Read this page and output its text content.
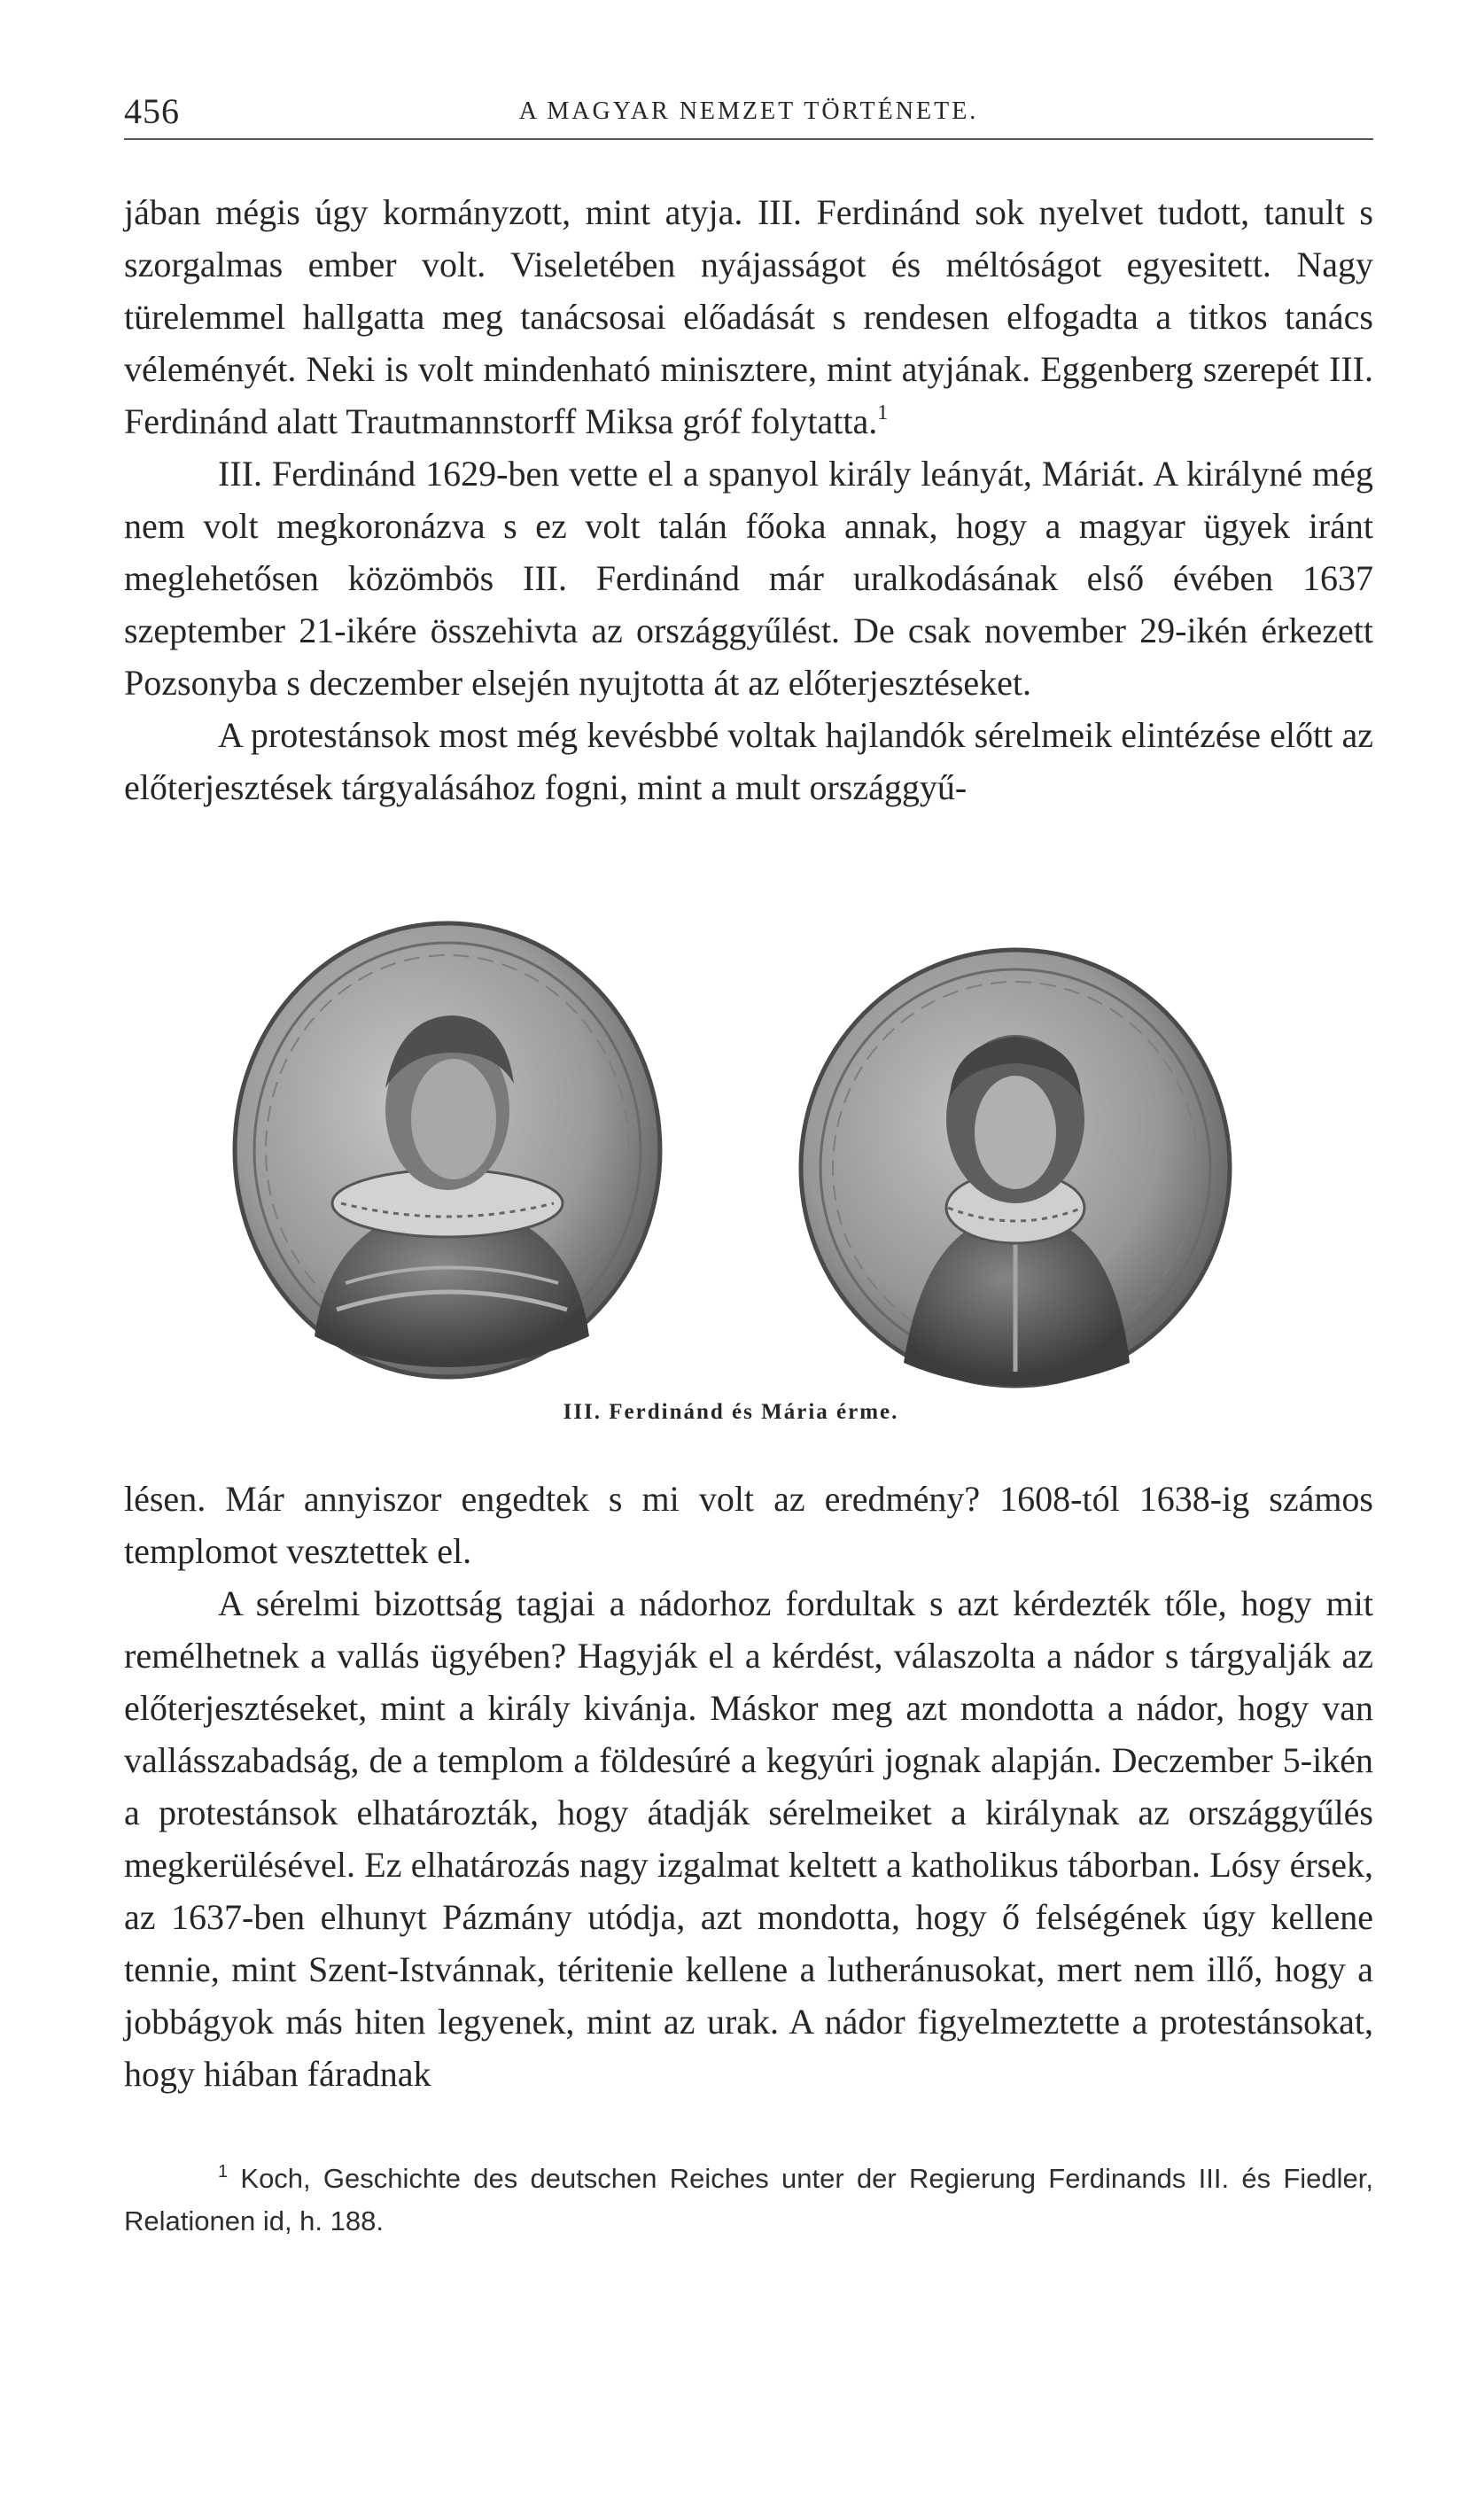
456	A MAGYAR NEMZET TÖRTÉNETE.

jában mégis úgy kormányzott, mint atyja. III. Ferdinánd sok nyelvet tudott, tanult s szorgalmas ember volt. Viseletében nyájasságot és méltóságot egyesitett. Nagy türelemmel hallgatta meg tanácsosai előadását s rendesen elfogadta a titkos tanács véleményét. Neki is volt mindenható minisztere, mint atyjának. Eggenberg szerepét III. Ferdinánd alatt Trautmannstorff Miksa gróf folytatta.$^1$

III. Ferdinánd 1629-ben vette el a spanyol király leányát, Máriát. A királyné még nem volt megkoronázva s ez volt talán főoka annak, hogy a magyar ügyek iránt meglehetősen közömbös III. Ferdinánd már uralkodásának első évében 1637 szeptember 21-ikére összehivta az országgyűlést. De csak november 29-ikén érkezett Pozsonyba s deczember elsején nyujtotta át az előterjesztéseket.

A protestánsok most még kevésbbé voltak hajlandók sérelmeik elintézése előtt az előterjesztések tárgyalásához fogni, mint a mult országgyű-

III. Ferdinánd és Mária érme.

lésen. Már annyiszor engedtek s mi volt az eredmény? 1608-tól 1638-ig számos templomot vesztettek el.

A sérelmi bizottság tagjai a nádorhoz fordultak s azt kérdezték tőle, hogy mit remélhetnek a vallás ügyében? Hagyják el a kérdést, válaszolta a nádor s tárgyalják az előterjesztéseket, mint a király kivánja. Máskor meg azt mondotta a nádor, hogy van vallásszabadság, de a templom a földesúré a kegyúri jognak alapján. Deczember 5-ikén a protestánsok elhatározták, hogy átadják sérelmeiket a királynak az országgyűlés megkerülésével. Ez elhatározás nagy izgalmat keltett a katholikus táborban. Lósy érsek, az 1637-ben elhunyt Pázmány utódja, azt mondotta, hogy ő felségének úgy kellene tennie, mint Szent-Istvánnak, téritenie kellene a lutheránusokat, mert nem illő, hogy a jobbágyok más hiten legyenek, mint az urak. A nádor figyelmeztette a protestánsokat, hogy hiában fáradnak

$^1$ Koch, Geschichte des deutschen Reiches unter der Regierung Ferdinands III. és Fiedler, Relationen id, h. 188.
